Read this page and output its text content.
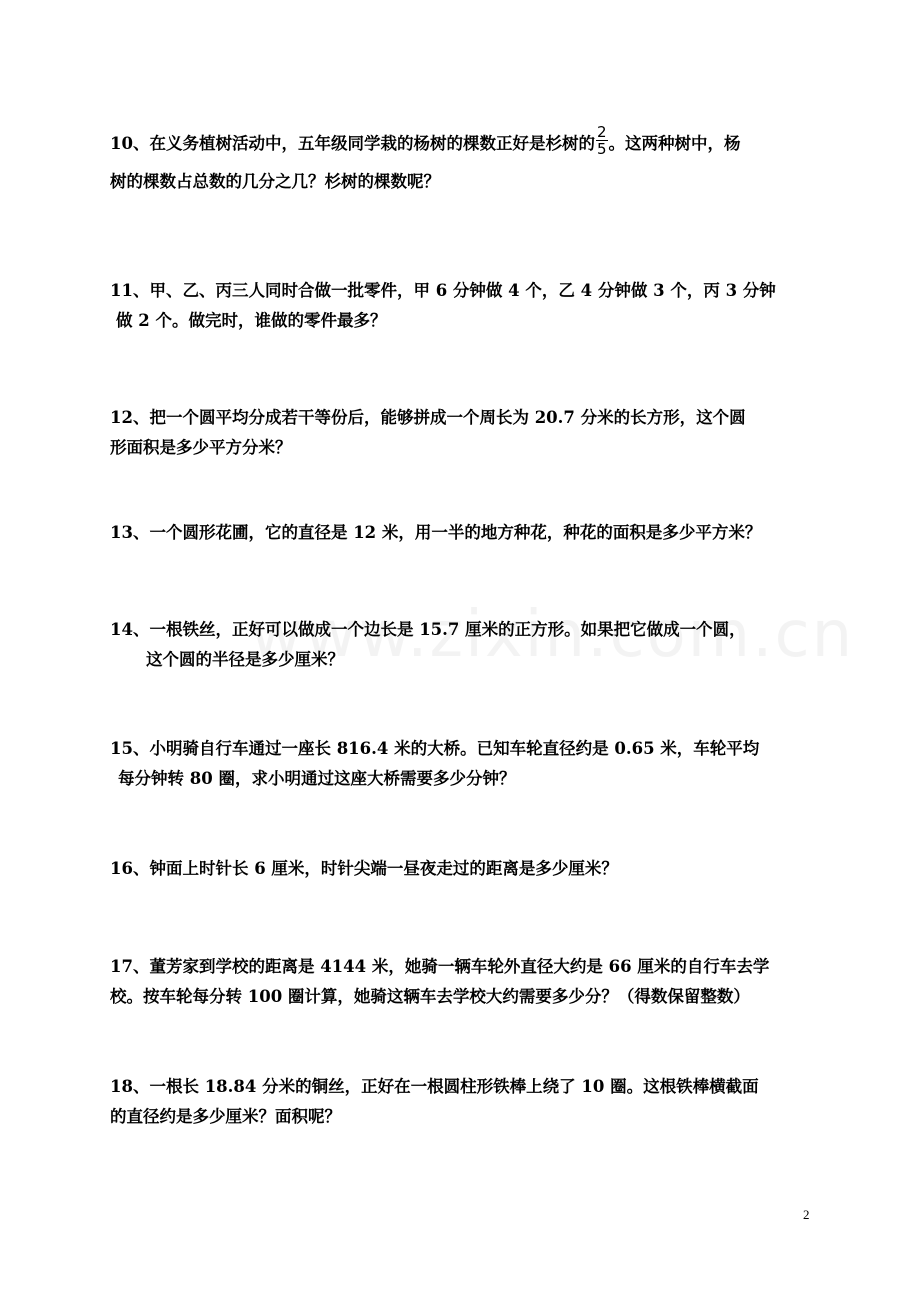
10、在义务植树活动中，五年级同学栽的杨树的棵数正好是杉树的 $\frac{2}{5}$ 。这两种树中，杨
树的棵数占总数的几分之几？杉树的棵数呢？
11、甲、乙、丙三人同时合做一批零件，甲 6 分钟做 4 个，乙 4 分钟做 3 个，丙 3 分钟
做 2 个。做完时，谁做的零件最多？
12、把一个圆平均分成若干等份后，能够拼成一个周长为 20.7 分米的长方形，这个圆
形面积是多少平方分米？
13、一个圆形花圃，它的直径是 12 米，用一半的地方种花，种花的面积是多少平方米？
14、一根铁丝，正好可以做成一个边长是 15.7 厘米的正方形。如果把它做成一个圆，
这个圆的半径是多少厘米？
15、小明骑自行车通过一座长 816.4 米的大桥。已知车轮直径约是 0.65 米，车轮平均
每分钟转 80 圈，求小明通过这座大桥需要多少分钟？
16、钟面上时针长 6 厘米，时针尖端一昼夜走过的距离是多少厘米？
17、董芳家到学校的距离是 4144 米，她骑一辆车轮外直径大约是 66 厘米的自行车去学
校。按车轮每分转 100 圈计算，她骑这辆车去学校大约需要多少分？（得数保留整数）
18、一根长 18.84 分米的铜丝，正好在一根圆柱形铁棒上绕了 10 圈。这根铁棒横截面
的直径约是多少厘米？面积呢？
2
